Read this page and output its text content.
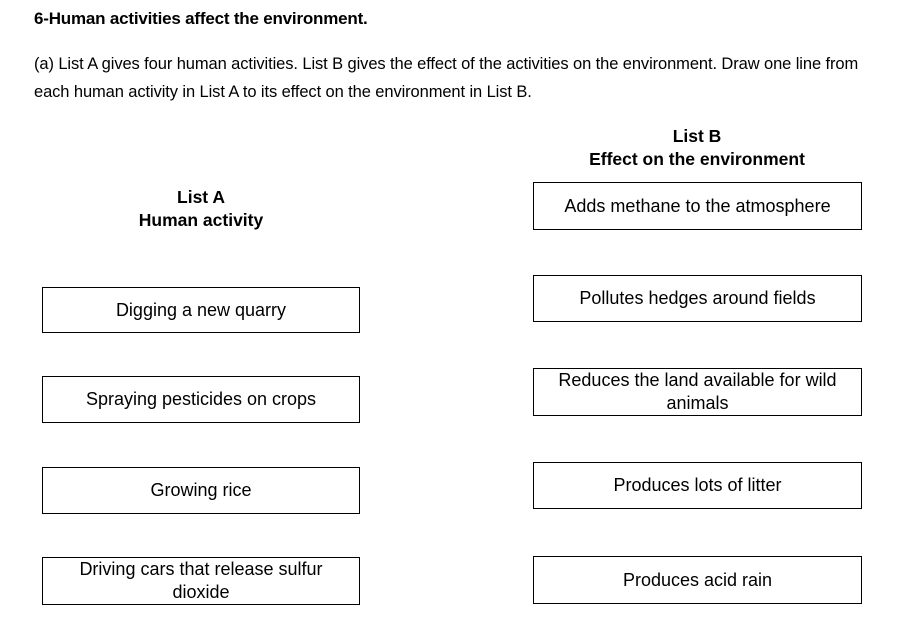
6-Human activities affect the environment.
(a) List A gives four human activities. List B gives the effect of the activities on the environment. Draw one line from each human activity in List A to its effect on the environment in List B.
List A
Human activity
List B
Effect on the environment
Digging a new quarry
Spraying pesticides on crops
Growing rice
Driving cars that release sulfur dioxide
Adds methane to the atmosphere
Pollutes hedges around fields
Reduces the land available for wild animals
Produces lots of litter
Produces acid rain
